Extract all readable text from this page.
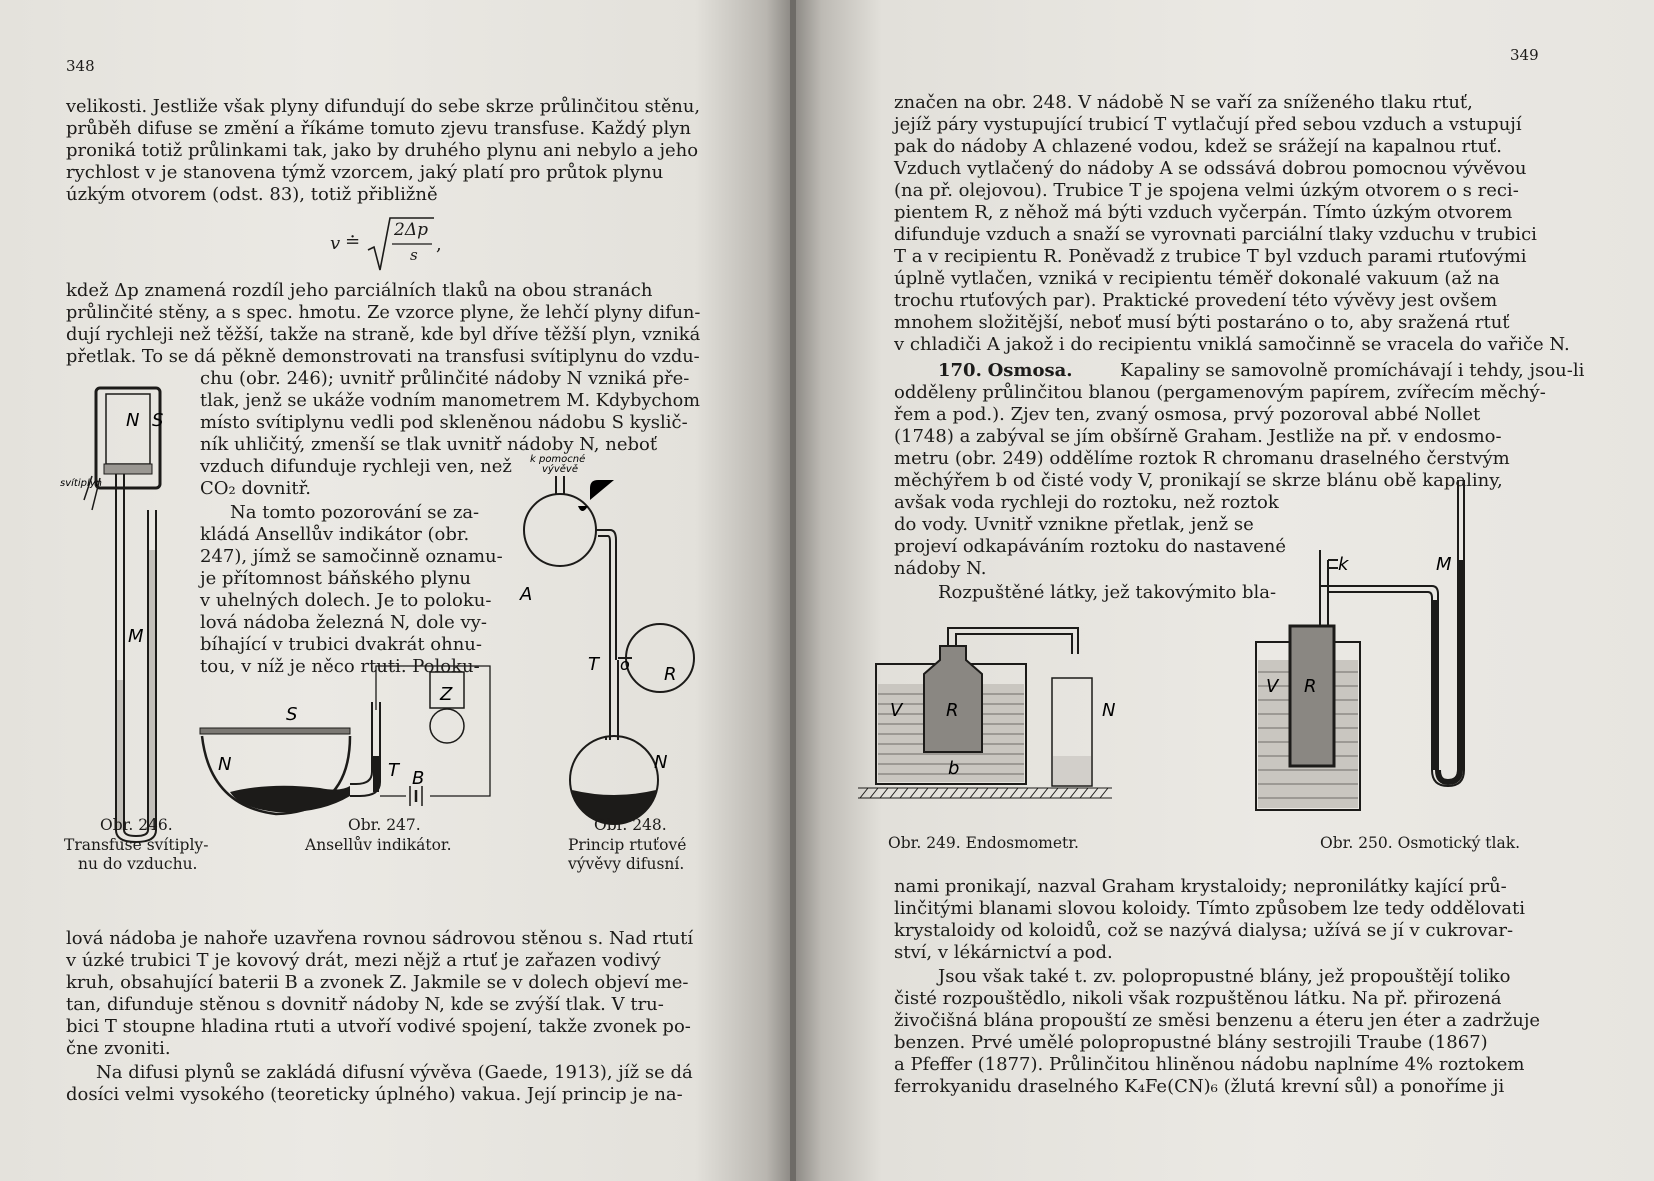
348
velikosti. Jestliže však plyny difundují do sebe skrze průlinčitou stěnu,
průběh difuse se změní a říkáme tomuto zjevu transfuse. Každý plyn
proniká totiž průlinkami tak, jako by druhého plynu ani nebylo a jeho
rychlost v je stanovena týmž vzorcem, jaký platí pro průtok plynu
úzkým otvorem (odst. 83), totiž přibližně
v ≐
2Δp
s ,
kdež Δp znamená rozdíl jeho parciálních tlaků na obou stranách
průlinčité stěny, a s spec. hmotu. Ze vzorce plyne, že lehčí plyny difun-
dují rychleji než těžší, takže na straně, kde byl dříve těžší plyn, vzniká
přetlak. To se dá pěkně demonstrovati na transfusi svítiplynu do vzdu-
chu (obr. 246); uvnitř průlinčité nádoby N vzniká pře-
tlak, jenž se ukáže vodním manometrem M. Kdybychom
místo svítiplynu vedli pod skleněnou nádobu S kyslič-
ník uhličitý, zmenší se tlak uvnitř nádoby N, neboť
vzduch difunduje rychleji ven, než
CO₂ dovnitř.
Na tomto pozorování se za-
kládá Ansellův indikátor (obr.
247), jímž se samočinně oznamu-
je přítomnost báňského plynu
v uhelných dolech. Je to poloku-
lová nádoba železná N, dole vy-
bíhající v trubici dvakrát ohnu-
tou, v níž je něco rtuti. Poloku-
N S
M
svítiplyn
Obr. 246.
Transfuse svítiply-
nu do vzduchu.
S
N	T
Z
B
Obr. 247.
Ansellův indikátor.
k pomocné
vývěvě
A
T o R
N
Obr. 248.
Princip rtuťové
vývěvy difusní.
lová nádoba je nahoře uzavřena rovnou sádrovou stěnou s. Nad rtutí
v úzké trubici T je kovový drát, mezi nějž a rtuť je zařazen vodivý
kruh, obsahující baterii B a zvonek Z. Jakmile se v dolech objeví me-
tan, difunduje stěnou s dovnitř nádoby N, kde se zvýší tlak. V tru-
bici T stoupne hladina rtuti a utvoří vodivé spojení, takže zvonek po-
čne zvoniti.
Na difusi plynů se zakládá difusní vývěva (Gaede, 1913), jíž se dá
dosíci velmi vysokého (teoreticky úplného) vakua. Její princip je na-
349
značen na obr. 248. V nádobě N se vaří za sníženého tlaku rtuť,
jejíž páry vystupující trubicí T vytlačují před sebou vzduch a vstupují
pak do nádoby A chlazené vodou, kdež se srážejí na kapalnou rtuť.
Vzduch vytlačený do nádoby A se odssává dobrou pomocnou vývěvou
(na př. olejovou). Trubice T je spojena velmi úzkým otvorem o s reci-
pientem R, z něhož má býti vzduch vyčerpán. Tímto úzkým otvorem
difunduje vzduch a snaží se vyrovnati parciální tlaky vzduchu v trubici
T a v recipientu R. Poněvadž z trubice T byl vzduch parami rtuťovými
úplně vytlačen, vzniká v recipientu téměř dokonalé vakuum (až na
trochu rtuťových par). Praktické provedení této vývěvy jest ovšem
mnohem složitější, neboť musí býti postaráno o to, aby sražená rtuť
v chladiči A jakož i do recipientu vniklá samočinně se vracela do vařiče N.
170. Osmosa.	Kapaliny se samovolně promíchávají i tehdy, jsou-li
odděleny průlinčitou blanou (pergamenovým papírem, zvířecím měchý-
řem a pod.). Zjev ten, zvaný osmosa, prvý pozoroval abbé Nollet
(1748) a zabýval se jím obšírně Graham. Jestliže na př. v endosmo-
metru (obr. 249) oddělíme roztok R chromanu draselného čerstvým
měchýřem b od čisté vody V, pronikají se skrze blánu obě kapaliny,
avšak voda rychleji do roztoku, než roztok
do vody. Uvnitř vznikne přetlak, jenž se
projeví odkapáváním roztoku do nastavené
nádoby N.
Rozpuštěné látky, jež takovýmito bla-
V R
b
N
Obr. 249. Endosmometr.
k	M
V R
Obr. 250. Osmotický tlak.
nami pronikají, nazval Graham krystaloidy; nepronilátky kající prů-
linčitými blanami slovou koloidy. Tímto způsobem lze tedy oddělovati
krystaloidy od koloidů, což se nazývá dialysa; užívá se jí v cukrovar-
ství, v lékárnictví a pod.
Jsou však také t. zv. polopropustné blány, jež propouštějí toliko
čisté rozpouštědlo, nikoli však rozpuštěnou látku. Na př. přirozená
živočišná blána propouští ze směsi benzenu a éteru jen éter a zadržuje
benzen. Prvé umělé polopropustné blány sestrojili Traube (1867)
a Pfeffer (1877). Průlinčitou hliněnou nádobu naplníme 4% roztokem
ferrokyanidu draselného K₄Fe(CN)₆ (žlutá krevní sůl) a ponoříme ji
